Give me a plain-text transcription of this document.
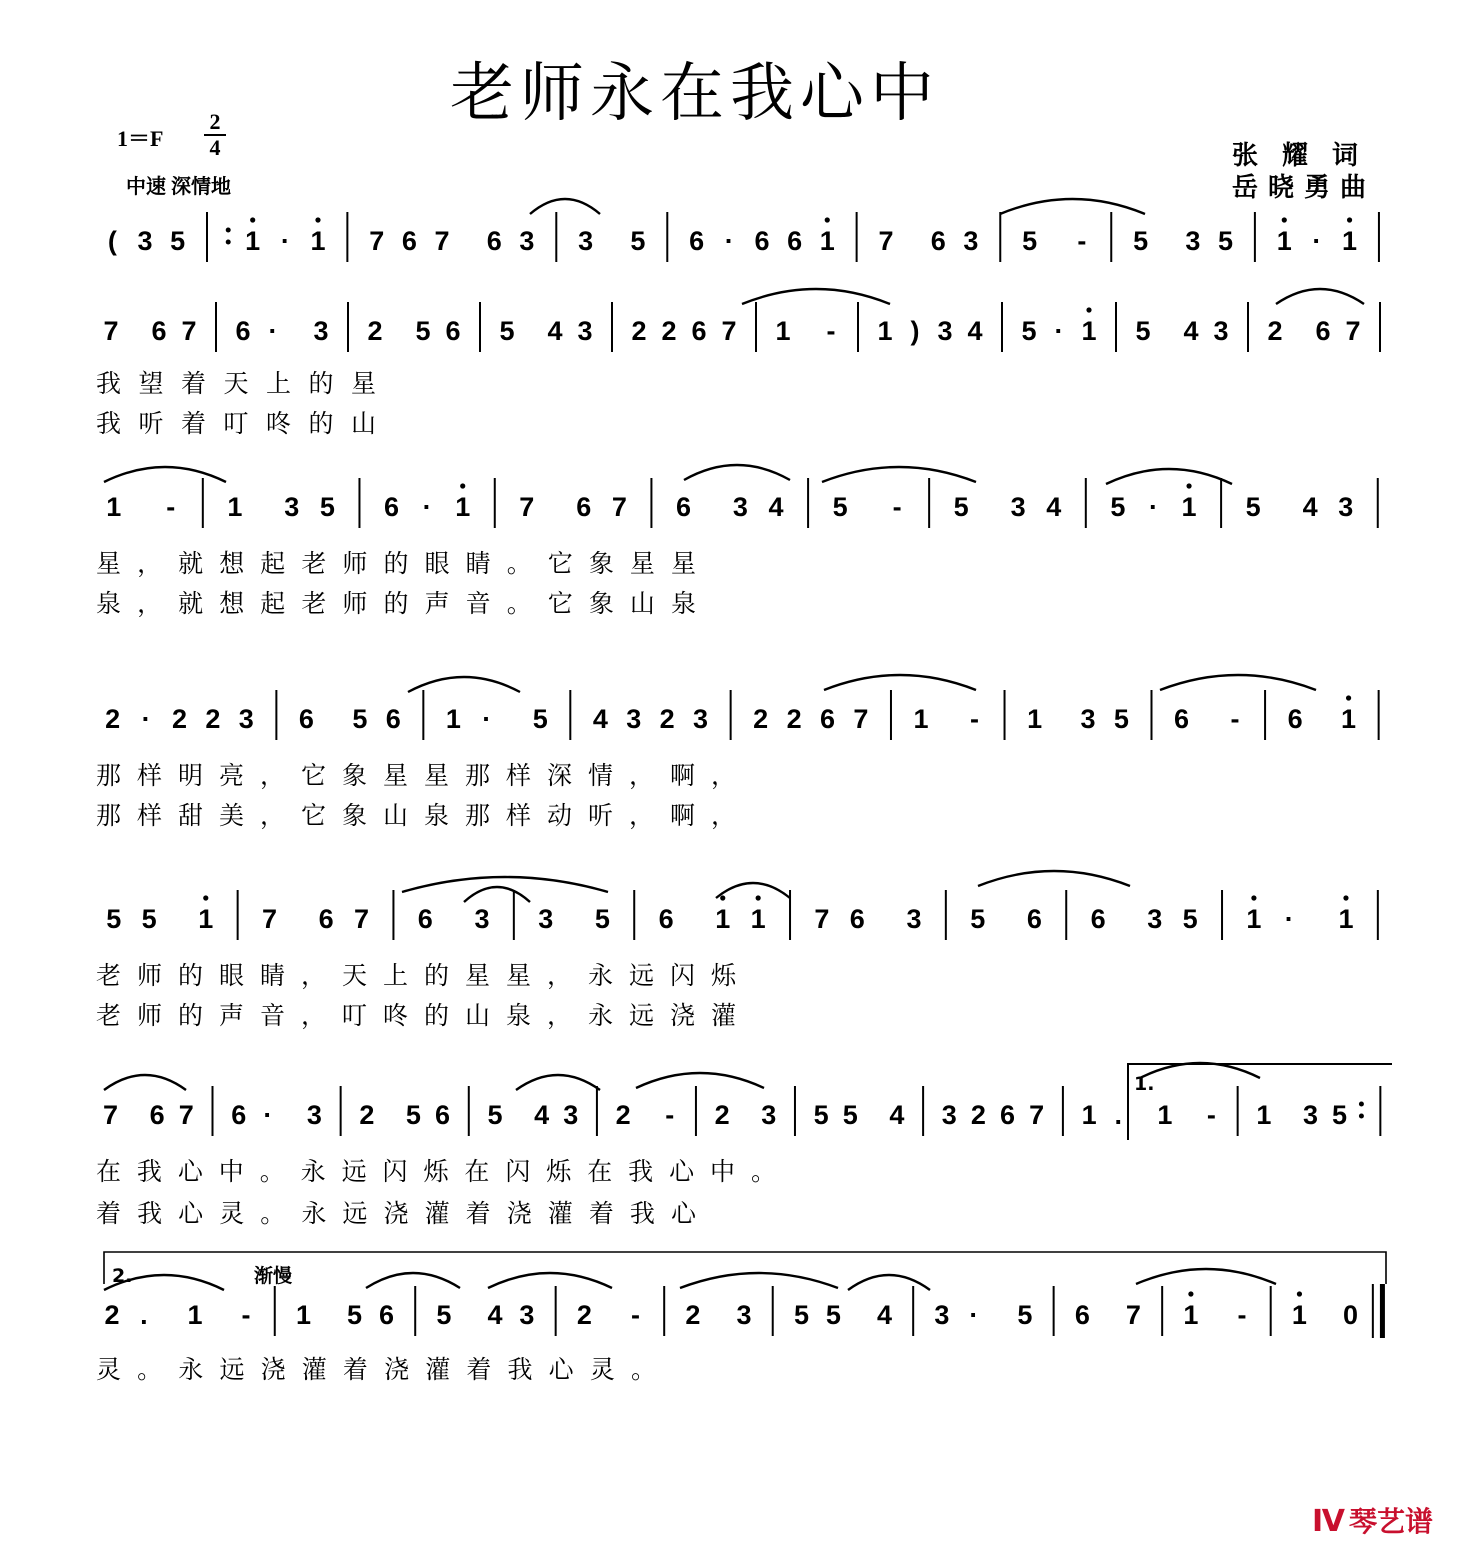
老师永在我心中
1＝F
2
4
中速 深情地
张耀词
岳晓勇曲
( 3 5 1 · 1 7 6 7 6 3 3 5 6 · 6 6 1 7 6 3 5 - 5 3 5 1 · 1
7 6 7 6 · 3 2 5 6 5 4 3 2 2 6 7 1 - 1 ) 3 4 5 · 1 5 4 3 2 6 7
我望着天上的星
我听着叮咚的山
1 - 1 3 5 6 · 1 7 6 7 6 3 4 5 - 5 3 4 5 · 1 5 4 3
星，就想起老师的眼睛。它象星星
泉，就想起老师的声音。它象山泉
2 · 2 2 3 6 5 6 1 · 5 4 3 2 3 2 2 6 7 1 - 1 3 5 6 - 6 1
那样明亮，它象星星那样深情，啊，
那样甜美，它象山泉那样动听，啊，
5 5 1 7 6 7 6 3 3 5 6 1 1 7 6 3 5 6 6 3 5 1 · 1
老师的眼睛，天上的星星，永远闪烁
老师的声音，叮咚的山泉，永远浇灌
7 6 7 6 · 3 2 5 6 5 4 3 2 - 2 3 5 5 4 3 2 6 7 1 . 1 - 1 3 5
在我心中。永远闪烁在闪烁在我心中。
着我心灵。永远浇灌着浇灌着我心
2 . 1 - 1 5 6 5 4 3 2 - 2 3 5 5 4 3 · 5 6 7 1 - 1 0
灵。永远浇灌着浇灌着我心灵。
1.
2.	渐慢
Ⅳ 琴艺谱
